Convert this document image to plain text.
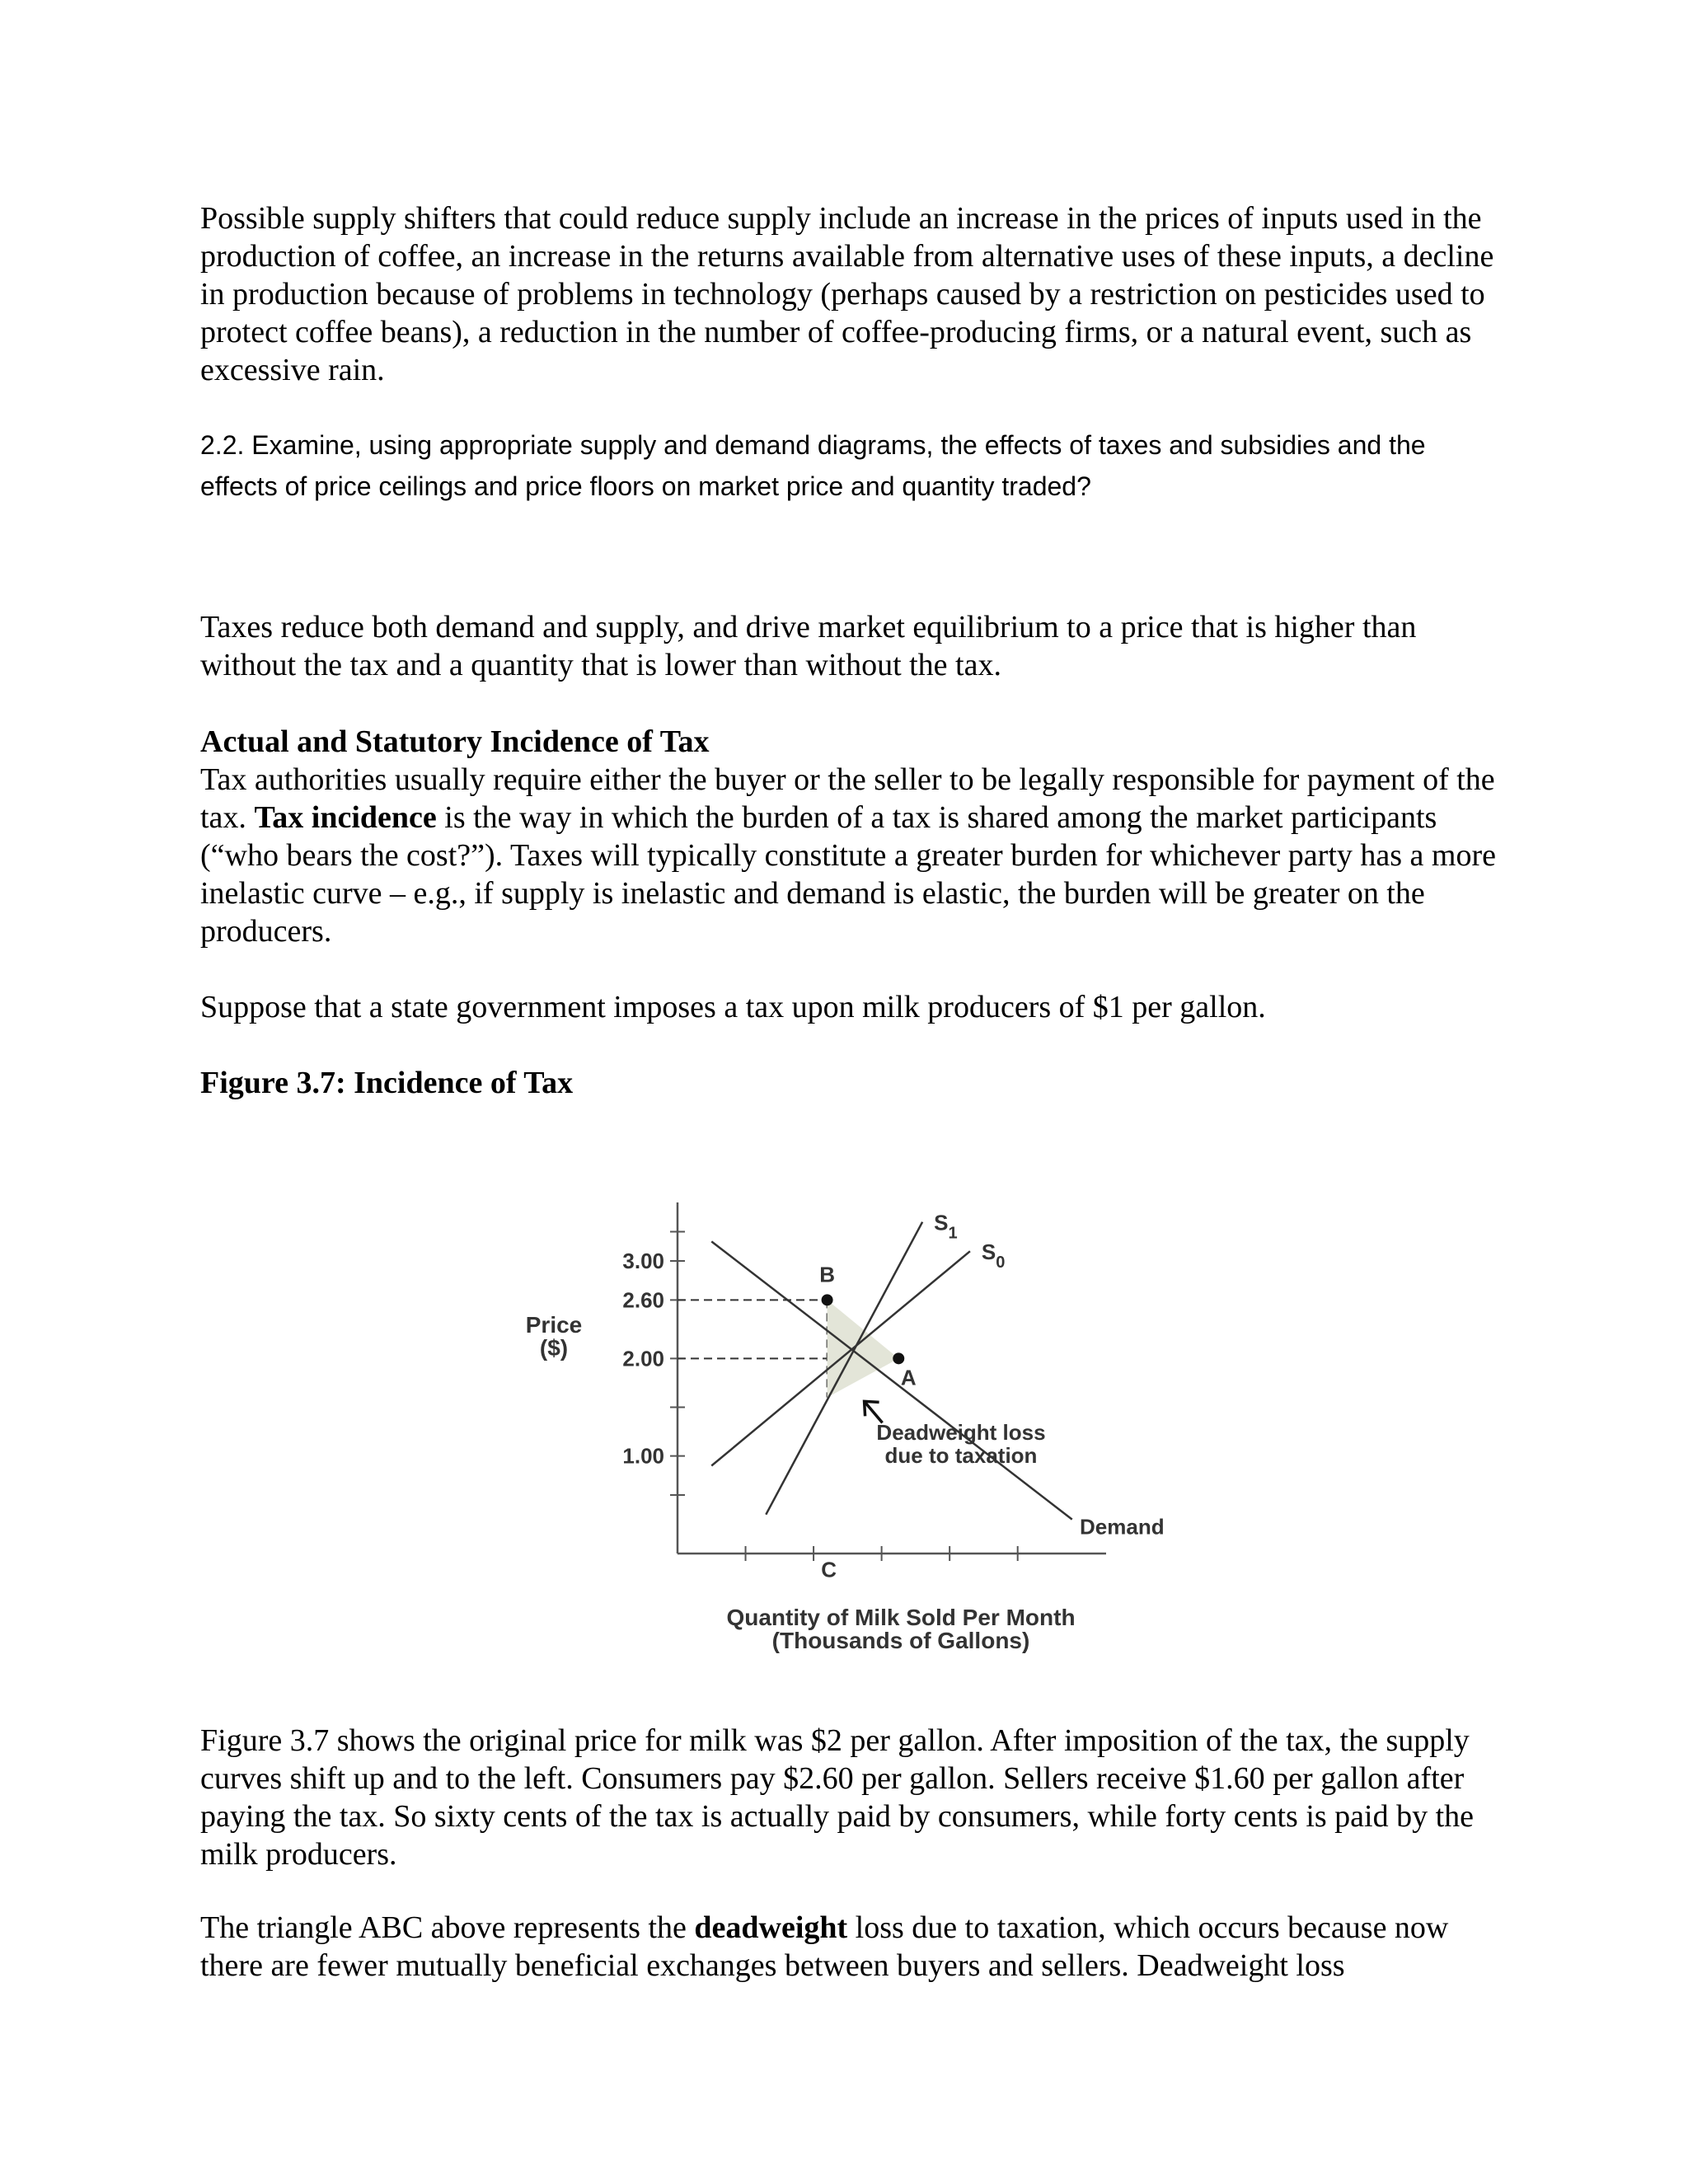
Possible supply shifters that could reduce supply include an increase in the prices of inputs used in the production of coffee, an increase in the returns available from alternative uses of these inputs, a decline in production because of problems in technology (perhaps caused by a restriction on pesticides used to protect coffee beans), a reduction in the number of coffee-producing firms, or a natural event, such as excessive rain.

2.2. Examine, using appropriate supply and demand diagrams, the effects of taxes and subsidies and the effects of price ceilings and price floors on market price and quantity traded?

Taxes reduce both demand and supply, and drive market equilibrium to a price that is higher than without the tax and a quantity that is lower than without the tax.

Actual and Statutory Incidence of Tax

Tax authorities usually require either the buyer or the seller to be legally responsible for payment of the tax. Tax incidence is the way in which the burden of a tax is shared among the market participants (“who bears the cost?”). Taxes will typically constitute a greater burden for whichever party has a more inelastic curve – e.g., if supply is inelastic and demand is elastic, the burden will be greater on the producers.

Suppose that a state government imposes a tax upon milk producers of $1 per gallon.

Figure 3.7: Incidence of Tax

Price
($)
Quantity of Milk Sold Per Month
(Thousands of Gallons)
Deadweight loss
due to taxation
3.00
2.60
2.00
1.00
Demand
$S_1$
$S_0$
B
A
C

Figure 3.7 shows the original price for milk was $2 per gallon. After imposition of the tax, the supply curves shift up and to the left. Consumers pay $2.60 per gallon. Sellers receive $1.60 per gallon after paying the tax. So sixty cents of the tax is actually paid by consumers, while forty cents is paid by the milk producers.

The triangle ABC above represents the deadweight loss due to taxation, which occurs because now there are fewer mutually beneficial exchanges between buyers and sellers. Deadweight loss
